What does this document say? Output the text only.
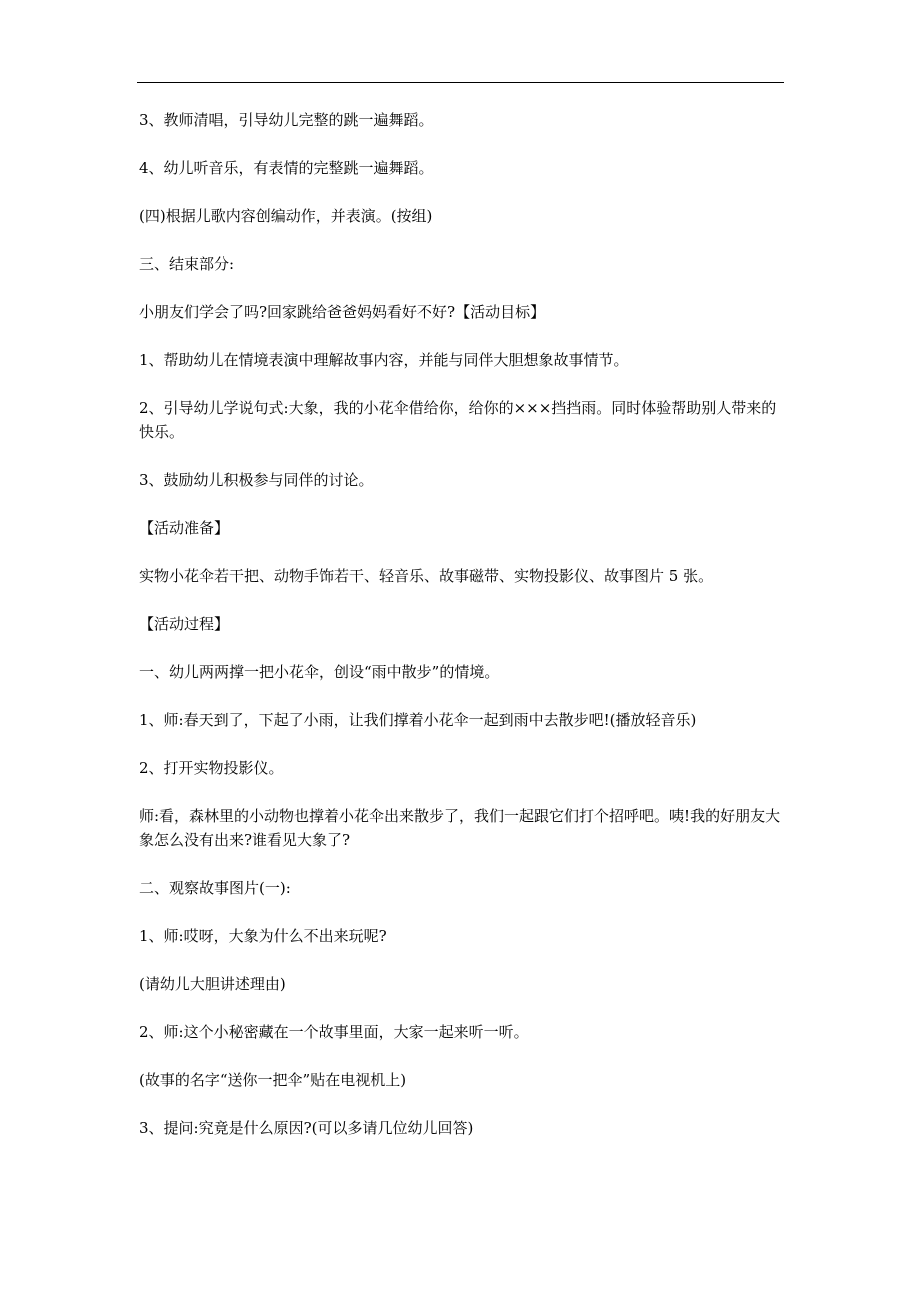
3、教师清唱，引导幼儿完整的跳一遍舞蹈。

4、幼儿听音乐，有表情的完整跳一遍舞蹈。

(四)根据儿歌内容创编动作，并表演。(按组)

三、结束部分:

小朋友们学会了吗?回家跳给爸爸妈妈看好不好?【活动目标】

1、帮助幼儿在情境表演中理解故事内容，并能与同伴大胆想象故事情节。

2、引导幼儿学说句式:大象，我的小花伞借给你，给你的×××挡挡雨。同时体验帮助别人带来的快乐。

3、鼓励幼儿积极参与同伴的讨论。

【活动准备】

实物小花伞若干把、动物手饰若干、轻音乐、故事磁带、实物投影仪、故事图片 5 张。

【活动过程】

一、幼儿两两撑一把小花伞，创设“雨中散步”的情境。

1、师:春天到了，下起了小雨，让我们撑着小花伞一起到雨中去散步吧!(播放轻音乐)

2、打开实物投影仪。

师:看，森林里的小动物也撑着小花伞出来散步了，我们一起跟它们打个招呼吧。咦!我的好朋友大象怎么没有出来?谁看见大象了?

二、观察故事图片(一):

1、师:哎呀，大象为什么不出来玩呢?

(请幼儿大胆讲述理由)

2、师:这个小秘密藏在一个故事里面，大家一起来听一听。

(故事的名字“送你一把伞”贴在电视机上)

3、提问:究竟是什么原因?(可以多请几位幼儿回答)
